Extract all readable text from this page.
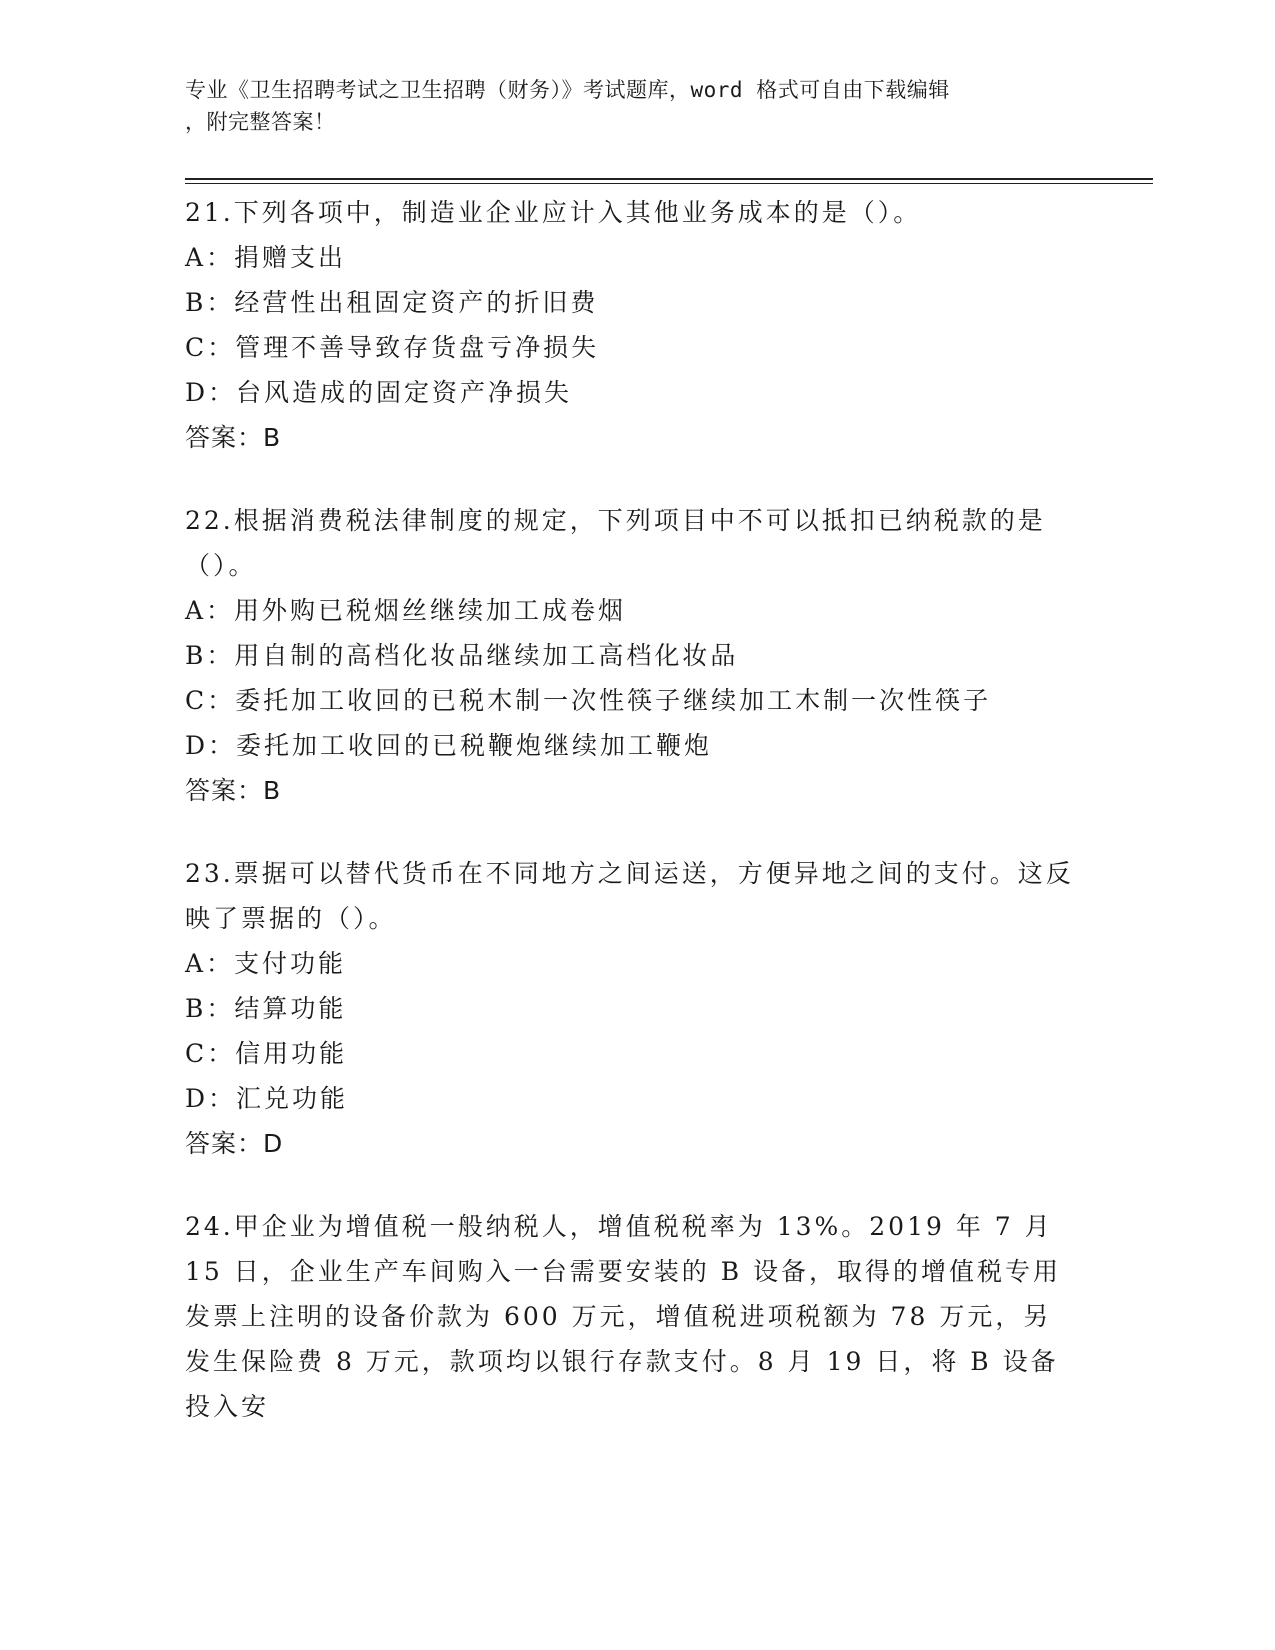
专业《卫生招聘考试之卫生招聘（财务）》考试题库，word 格式可自由下载编辑
，附完整答案！
21.下列各项中，制造业企业应计入其他业务成本的是（）。
A：捐赠支出
B：经营性出租固定资产的折旧费
C：管理不善导致存货盘亏净损失
D：台风造成的固定资产净损失
答案：B
22.根据消费税法律制度的规定，下列项目中不可以抵扣已纳税款的是（）。
A：用外购已税烟丝继续加工成卷烟
B：用自制的高档化妆品继续加工高档化妆品
C：委托加工收回的已税木制一次性筷子继续加工木制一次性筷子
D：委托加工收回的已税鞭炮继续加工鞭炮
答案：B
23.票据可以替代货币在不同地方之间运送，方便异地之间的支付。这反映了票据的（）。
A：支付功能
B：结算功能
C：信用功能
D：汇兑功能
答案：D
24.甲企业为增值税一般纳税人，增值税税率为 13%。2019 年 7 月 15 日，企业生产车间购入一台需要安装的 B 设备，取得的增值税专用发票上注明的设备价款为 600 万元，增值税进项税额为 78 万元，另发生保险费 8 万元，款项均以银行存款支付。8 月 19 日，将 B 设备投入安
